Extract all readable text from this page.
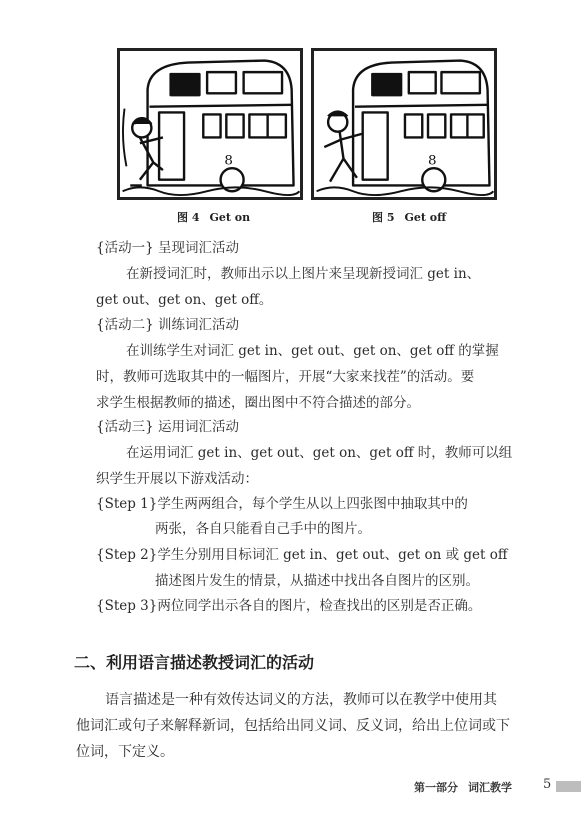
8
图 4 Get on
8
图 5 Get off
{活动一} 呈现词汇活动
在新授词汇时，教师出示以上图片来呈现新授词汇 get in、
get out、get on、get off。
{活动二} 训练词汇活动
在训练学生对词汇 get in、get out、get on、get off 的掌握
时，教师可选取其中的一幅图片，开展“大家来找茬”的活动。要
求学生根据教师的描述，圈出图中不符合描述的部分。
{活动三} 运用词汇活动
在运用词汇 get in、get out、get on、get off 时，教师可以组
织学生开展以下游戏活动：
{Step 1}学生两两组合，每个学生从以上四张图中抽取其中的
两张，各自只能看自己手中的图片。
{Step 2}学生分别用目标词汇 get in、get out、get on 或 get off
描述图片发生的情景，从描述中找出各自图片的区别。
{Step 3}两位同学出示各自的图片，检查找出的区别是否正确。
二、利用语言描述教授词汇的活动
语言描述是一种有效传达词义的方法，教师可以在教学中使用其
他词汇或句子来解释新词，包括给出同义词、反义词，给出上位词或下
位词，下定义。
第一部分 词汇教学 5
